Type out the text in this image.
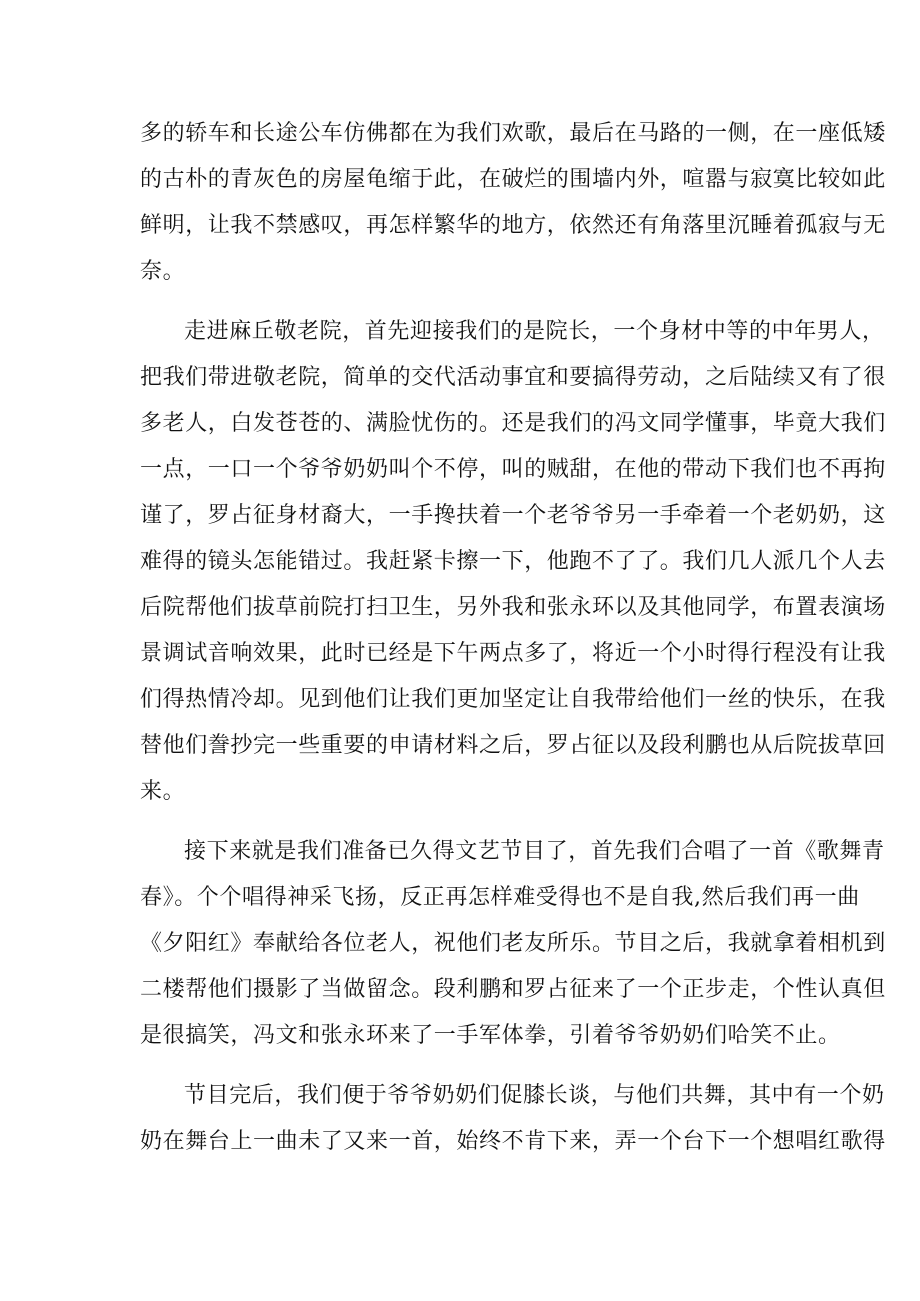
多的轿车和长途公车仿佛都在为我们欢歌，最后在马路的一侧，在一座低矮
的古朴的青灰色的房屋龟缩于此，在破烂的围墙内外，喧嚣与寂寞比较如此
鲜明，让我不禁感叹，再怎样繁华的地方，依然还有角落里沉睡着孤寂与无
奈。
走进麻丘敬老院，首先迎接我们的是院长，一个身材中等的中年男人，
把我们带进敬老院，简单的交代活动事宜和要搞得劳动，之后陆续又有了很
多老人，白发苍苍的、满脸忧伤的。还是我们的冯文同学懂事，毕竟大我们
一点，一口一个爷爷奶奶叫个不停，叫的贼甜，在他的带动下我们也不再拘
谨了，罗占征身材裔大，一手搀扶着一个老爷爷另一手牵着一个老奶奶，这
难得的镜头怎能错过。我赶紧卡擦一下，他跑不了了。我们几人派几个人去
后院帮他们拔草前院打扫卫生，另外我和张永环以及其他同学，布置表演场
景调试音响效果，此时已经是下午两点多了，将近一个小时得行程没有让我
们得热情冷却。见到他们让我们更加坚定让自我带给他们一丝的快乐，在我
替他们誊抄完一些重要的申请材料之后，罗占征以及段利鹏也从后院拔草回
来。
接下来就是我们准备已久得文艺节目了，首先我们合唱了一首《歌舞青
春》。个个唱得神采飞扬，反正再怎样难受得也不是自我,然后我们再一曲
《夕阳红》奉献给各位老人，祝他们老友所乐。节目之后，我就拿着相机到
二楼帮他们摄影了当做留念。段利鹏和罗占征来了一个正步走，个性认真但
是很搞笑，冯文和张永环来了一手军体拳，引着爷爷奶奶们哈笑不止。
节目完后，我们便于爷爷奶奶们促膝长谈，与他们共舞，其中有一个奶
奶在舞台上一曲未了又来一首，始终不肯下来，弄一个台下一个想唱红歌得
